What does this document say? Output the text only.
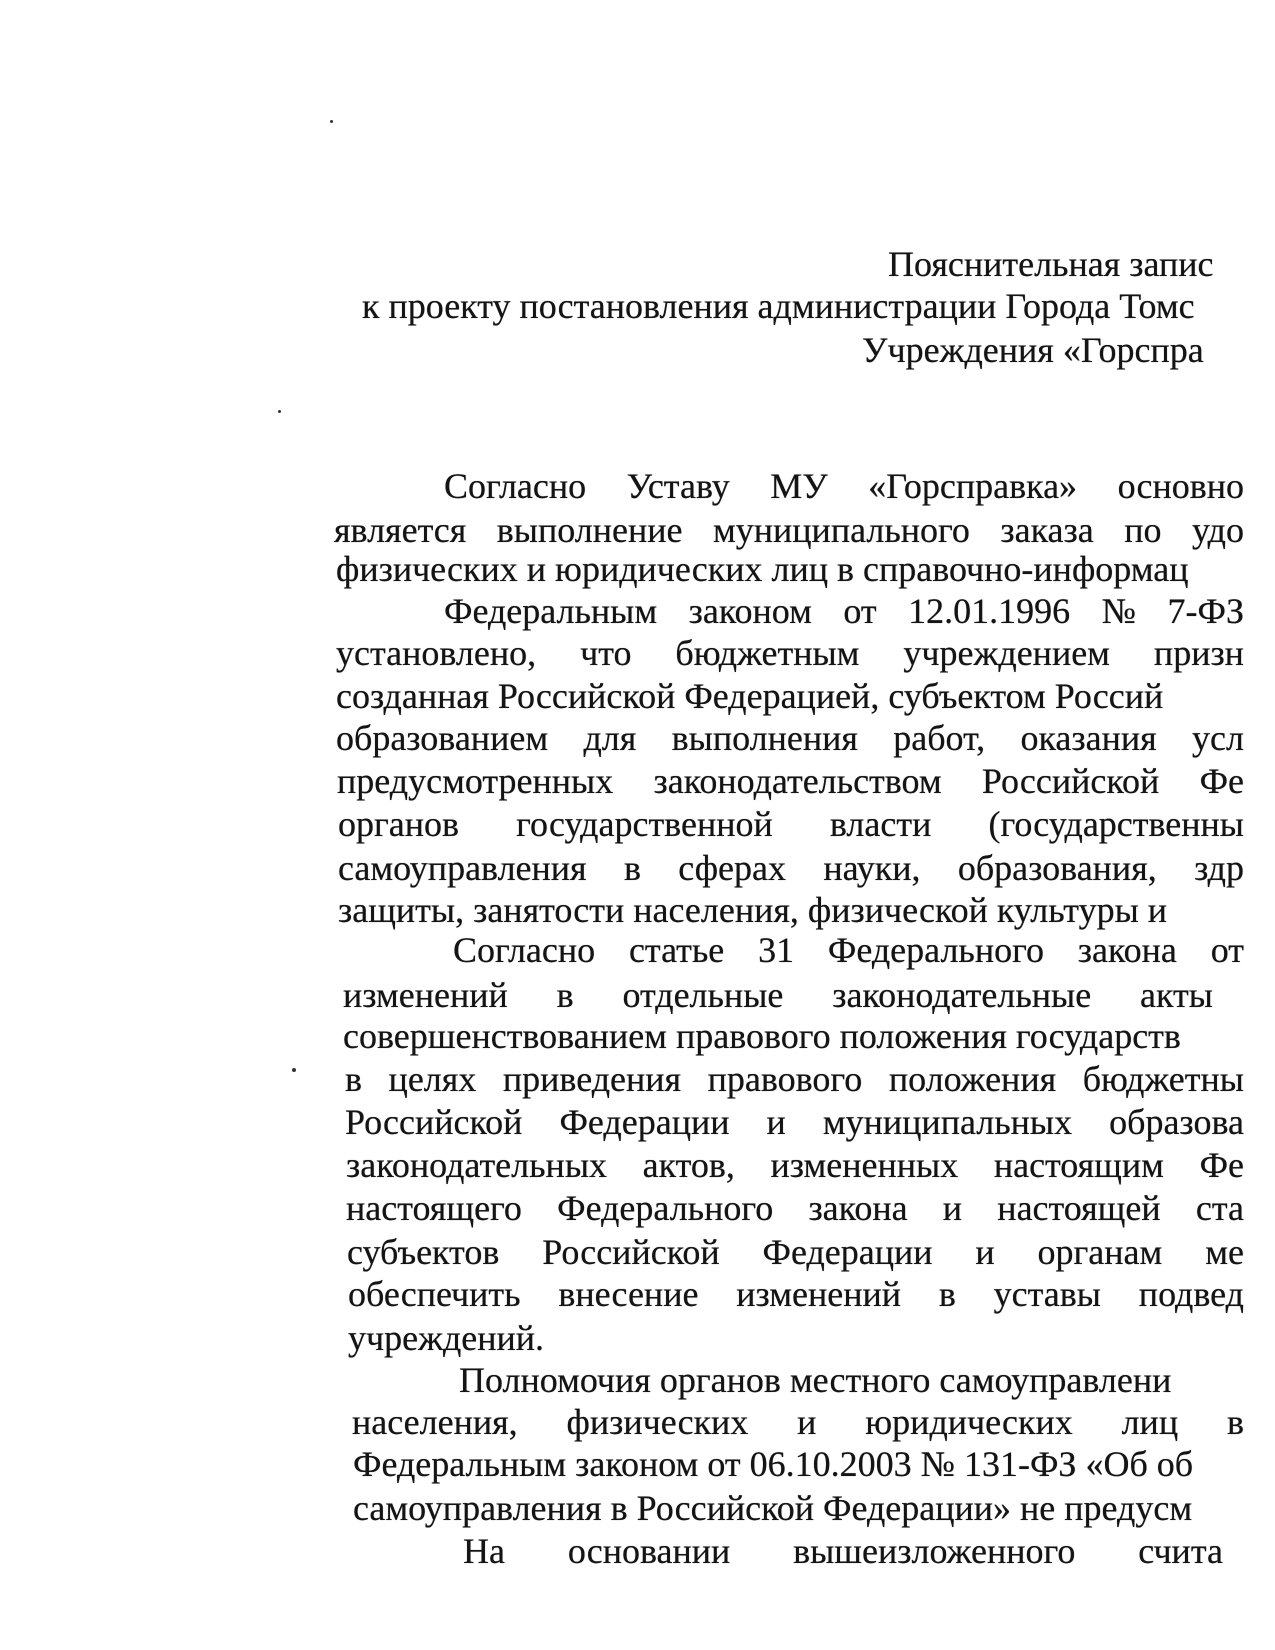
Пояснительная запис
к проекту постановления администрации Города Томс
Учреждения «Горспра
Согласно Уставу МУ «Горсправка» основно
является выполнение муниципального заказа по удо
физических и юридических лиц в справочно-информац
Федеральным законом от 12.01.1996 № 7-ФЗ
установлено, что бюджетным учреждением призн
созданная Российской Федерацией, субъектом Россий
образованием для выполнения работ, оказания усл
предусмотренных законодательством Российской Фе
органов государственной власти (государственны
самоуправления в сферах науки, образования, здр
защиты, занятости населения, физической культуры и
Согласно статье 31 Федерального закона от
изменений в отдельные законодательные акты
совершенствованием правового положения государств
в целях приведения правового положения бюджетны
Российской Федерации и муниципальных образова
законодательных актов, измененных настоящим Фе
настоящего Федерального закона и настоящей ста
субъектов Российской Федерации и органам ме
обеспечить внесение изменений в уставы подвед
учреждений.
Полномочия органов местного самоуправлени
населения, физических и юридических лиц в
Федеральным законом от 06.10.2003 № 131-ФЗ «Об об
самоуправления в Российской Федерации» не предусм
На основании вышеизложенного счита
